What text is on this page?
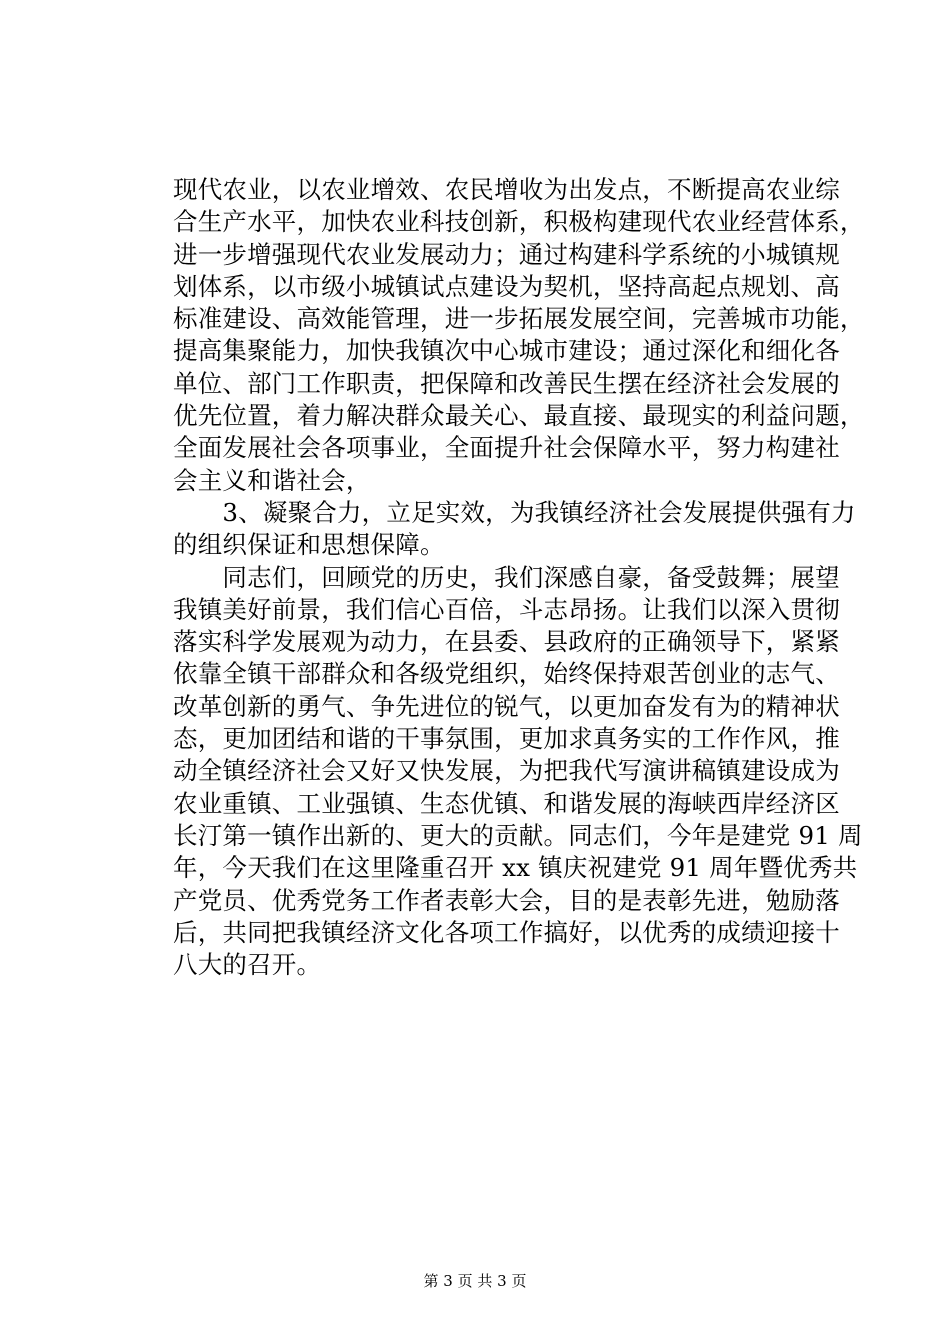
现代农业，以农业增效、农民增收为出发点，不断提高农业综
合生产水平，加快农业科技创新，积极构建现代农业经营体系，
进一步增强现代农业发展动力；通过构建科学系统的小城镇规
划体系，以市级小城镇试点建设为契机，坚持高起点规划、高
标准建设、高效能管理，进一步拓展发展空间，完善城市功能，
提高集聚能力，加快我镇次中心城市建设；通过深化和细化各
单位、部门工作职责，把保障和改善民生摆在经济社会发展的
优先位置，着力解决群众最关心、最直接、最现实的利益问题，
全面发展社会各项事业，全面提升社会保障水平，努力构建社
会主义和谐社会，
　　3、凝聚合力，立足实效，为我镇经济社会发展提供强有力
的组织保证和思想保障。
　　同志们，回顾党的历史，我们深感自豪，备受鼓舞；展望
我镇美好前景，我们信心百倍，斗志昂扬。让我们以深入贯彻
落实科学发展观为动力，在县委、县政府的正确领导下，紧紧
依靠全镇干部群众和各级党组织，始终保持艰苦创业的志气、
改革创新的勇气、争先进位的锐气，以更加奋发有为的精神状
态，更加团结和谐的干事氛围，更加求真务实的工作作风，推
动全镇经济社会又好又快发展，为把我代写演讲稿镇建设成为
农业重镇、工业强镇、生态优镇、和谐发展的海峡西岸经济区
长汀第一镇作出新的、更大的贡献。同志们，今年是建党 91 周
年，今天我们在这里隆重召开 xx 镇庆祝建党 91 周年暨优秀共
产党员、优秀党务工作者表彰大会，目的是表彰先进，勉励落
后，共同把我镇经济文化各项工作搞好，以优秀的成绩迎接十
八大的召开。
第 3 页 共 3 页
